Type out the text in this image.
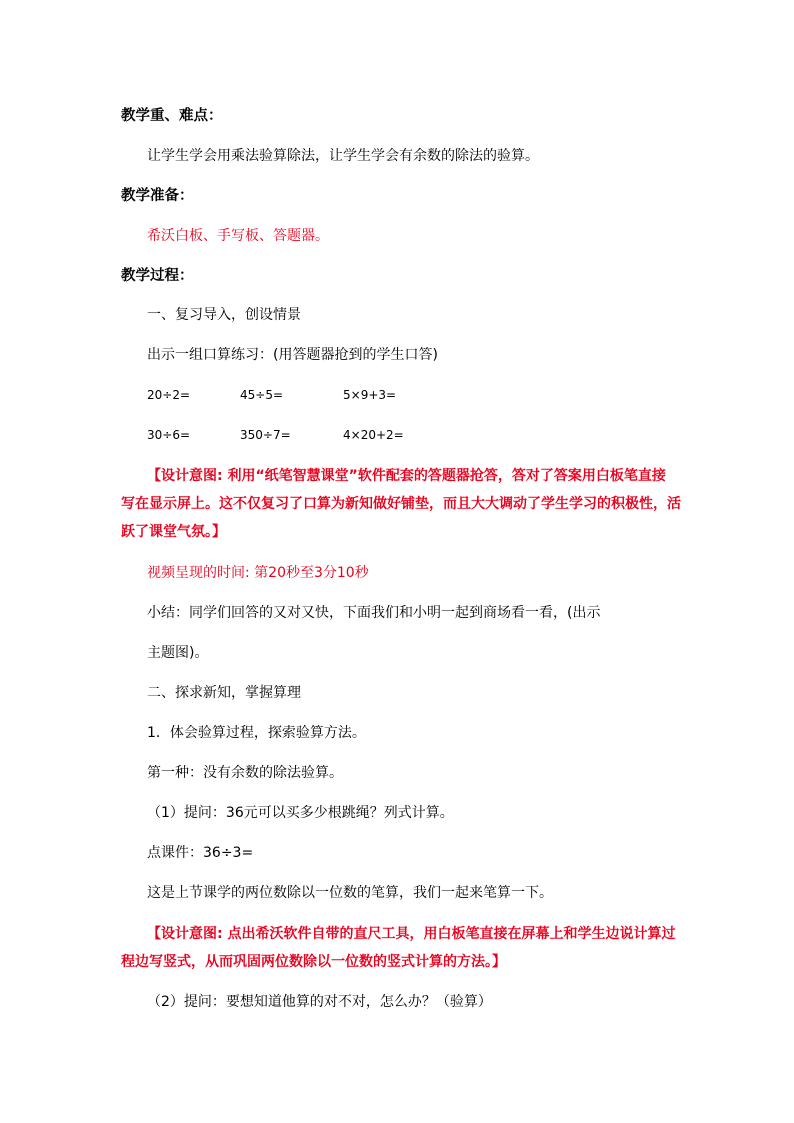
教学重、难点：
让学生学会用乘法验算除法，让学生学会有余数的除法的验算。
教学准备：
希沃白板、手写板、答题器。
教学过程：
一、复习导入，创设情景
出示一组口算练习：(用答题器抢到的学生口答)
20÷2=	45÷5=	5×9+3=
30÷6=	350÷7=	4×20+2=
【设计意图: 利用“纸笔智慧课堂”软件配套的答题器抢答，答对了答案用白板笔直接
写在显示屏上。这不仅复习了口算为新知做好铺垫，而且大大调动了学生学习的积极性，活
跃了课堂气氛。】
视频呈现的时间: 第20秒至3分10秒
小结：同学们回答的又对又快，下面我们和小明一起到商场看一看，(出示
主题图)。
二、探求新知，掌握算理
1．体会验算过程，探索验算方法。
第一种：没有余数的除法验算。
（1）提问：36元可以买多少根跳绳？列式计算。
点课件：36÷3=
这是上节课学的两位数除以一位数的笔算，我们一起来笔算一下。
【设计意图: 点出希沃软件自带的直尺工具，用白板笔直接在屏幕上和学生边说计算过
程边写竖式，从而巩固两位数除以一位数的竖式计算的方法。】
（2）提问：要想知道他算的对不对，怎么办？（验算）
